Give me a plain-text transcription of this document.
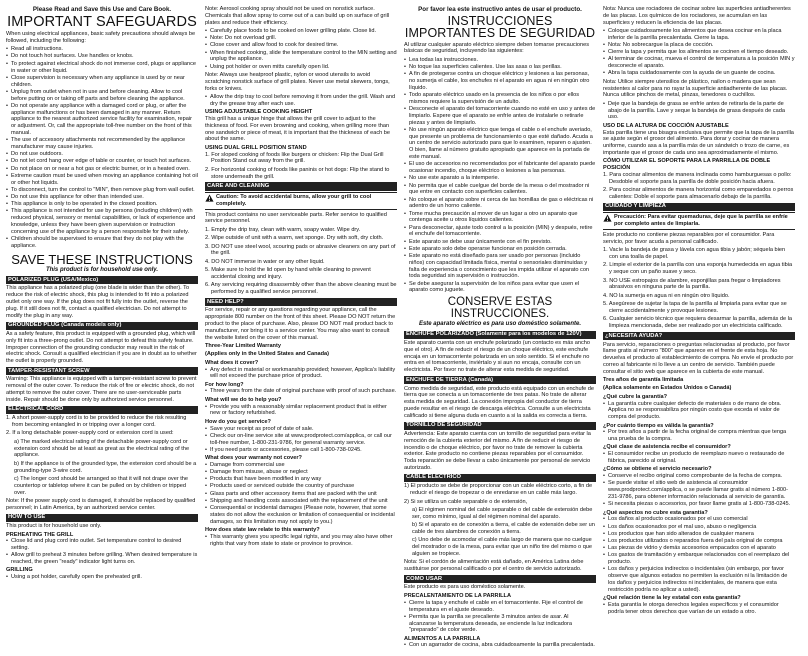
Please Read and Save this Use and Care Book.
IMPORTANT SAFEGUARDS

When using electrical appliances, basic safety precautions should always be followed, including the following:

• Read all instructions.
• Do not touch hot surfaces. Use handles or knobs.
• To protect against electrical shock do not immerse cord, plugs or appliance in water or other liquid.
• Close supervision is necessary when any appliance is used by or near children.
• Unplug from outlet when not in use and before cleaning. Allow to cool before putting on or taking off parts and before cleaning the appliance.
• Do not operate any appliance with a damaged cord or plug, or after the appliance malfunctions or has been damaged in any manner. Return appliance to the nearest authorized service facility for examination, repair or adjustment. Or, call the appropriate toll-free number on the front of this manual.
• The use of accessory attachments not recommended by the appliance manufacturer may cause injuries.
• Do not use outdoors.
• Do not let cord hang over edge of table or counter, or touch hot surfaces.
• Do not place on or near a hot gas or electric burner, or in a heated oven.
• Extreme caution must be used when moving an appliance containing hot oil or other hot liquids.
• To disconnect, turn the control to "MIN", then remove plug from wall outlet.
• Do not use this appliance for other than intended use.
• This appliance is only to be operated in the closed position.
• This appliance is not intended for use by persons (including children) with reduced physical, sensory or mental capabilities, or lack of experience and knowledge, unless they have been given supervision or instruction concerning use of the appliance by a person responsible for their safety.
• Children should be supervised to ensure that they do not play with the appliance.
SAVE THESE INSTRUCTIONS
This product is for household use only.
POLARIZED PLUG (USA/Mexico)

This appliance has a polarized plug (one blade is wider than the other). To reduce the risk of electric shock, this plug is intended to fit into a polarized outlet only one way. If the plug does not fit fully into the outlet, reverse the plug. If it still does not fit, contact a qualified electrician. Do not attempt to modify the plug in any way.

GROUNDED PLUG (Canada models only)

As a safety feature, this product is equipped with a grounded plug, which will only fit into a three-prong outlet. Do not attempt to defeat this safety feature. Improper connection of the grounding conductor may result in the risk of electric shock. Consult a qualified electrician if you are in doubt as to whether the outlet is properly grounded.

TAMPER-RESISTANT SCREW

Warning: This appliance is equipped with a tamper-resistant screw to prevent removal of the outer cover. To reduce the risk of fire or electric shock, do not attempt to remove the outer cover. There are no user-serviceable parts inside. Repair should be done only by authorized service personnel.

ELECTRICAL CORD

1. A short power-supply cord is to be provided to reduce the risk resulting from becoming entangled in or tripping over a longer cord.

2. If a long detachable power-supply cord or extension cord is used:

a) The marked electrical rating of the detachable power-supply cord or extension cord should be at least as great as the electrical rating of the appliance.

b) If the appliance is of the grounded type, the extension cord should be a grounding-type 3-wire cord.

c) The longer cord should be arranged so that it will not drape over the countertop or tabletop where it can be pulled on by children or tripped over.

Note: If the power supply cord is damaged, it should be replaced by qualified personnel; in Latin America, by an authorized service center.

HOW TO USE

This product is for household use only.

PREHEATING THE GRILL
• Close lid and plug cord into outlet. Set temperature control to desired setting.
• Allow grill to preheat 3 minutes before grilling. When desired temperature is reached, the green "ready" indicator light turns on.
GRILLING
• Using a pot holder, carefully open the preheated grill.

Note: Aerosol cooking spray should not be used on nonstick surface. Chemicals that allow spray to come out of a can build up on surface of grill plates and reduce their efficiency.

• Carefully place foods to be cooked on lower grilling plate. Close lid.
• Note: Do not overload grill.
• Close cover and allow food to cook for desired time.
• When finished cooking, slide the temperature control to the MIN setting and unplug the appliance.
• Using pot holder or oven mitts carefully open lid.

Note: Always use heatproof plastic, nylon or wood utensils to avoid scratching nonstick surface of grill plates. Never use metal skewers, tongs, forks or knives.

• Allow the drip tray to cool before removing it from under the grill. Wash and dry the grease tray after each use.
USING ADJUSTABLE COOKING HEIGHT

This grill has a unique hinge that allows the grill cover to adjust to the thickness of food. For even browning and cooking, when grilling more than one sandwich or piece of meat, it is important that the thickness of each be about the same.

USING DUAL GRILL POSITION STAND

1. For sloped cooking of foods like burgers or chicken: Flip the Dual Grill Position Stand out away from the grill.

2. For horizontal cooking of foods like paninis or hot dogs: Flip the stand to store underneath the grill.

CARE AND CLEANING
Caution: To avoid accidental burns, allow your grill to cool completely.

This product contains no user serviceable parts. Refer service to qualified service personnel.

1. Empty the drip tray, clean with warm, soapy water. Wipe dry.

2. Wipe outside of unit with a warm, wet sponge. Dry with soft, dry cloth.

3. DO NOT use steel wool, scouring pads or abrasive cleaners on any part of the grill.

4. DO NOT immerse in water or any other liquid.

5. Make sure to hold the lid open by hand while cleaning to prevent accidental closing and injury.

6. Any servicing requiring disassembly other than the above cleaning must be performed by a qualified service personnel.

NEED HELP?

For service, repair or any questions regarding your appliance, call the appropriate 800 number on the front of this sheet. Please DO NOT return the product to the place of purchase. Also, please DO NOT mail product back to manufacturer, nor bring it to a service center. You may also want to consult the website listed on the cover of this manual.

Three-Year Limited Warranty
(Applies only in the United States and Canada)
What does it cover?
• Any defect in material or workmanship provided; however, Applica's liability will not exceed the purchase price of product.
For how long?
• Three years from the date of original purchase with proof of such purchase.
What will we do to help you?
• Provide you with a reasonably similar replacement product that is either new or factory refurbished.
How do you get service?
• Save your receipt as proof of date of sale.
• Check our on-line service site at www.prodprotect.com/applica, or call our toll-free number, 1-800-231-9786, for general warranty service.
• If you need parts or accessories, please call 1-800-738-0245.
What does your warranty not cover?
• Damage from commercial use
• Damage from misuse, abuse or neglect
• Products that have been modified in any way
• Products used or serviced outside the country of purchase
• Glass parts and other accessory items that are packed with the unit
• Shipping and handling costs associated with the replacement of the unit
• Consequential or incidental damages (Please note, however, that some states do not allow the exclusion or limitation of consequential or incidental damages, so this limitation may not apply to you.)
How does state law relate to this warranty?
• This warranty gives you specific legal rights, and you may also have other rights that vary from state to state or province to province.
Por favor lea este instructivo antes de usar el producto.
INSTRUCCIONES IMPORTANTES DE SEGURIDAD

Al utilizar cualquier aparato eléctrico siempre deben tomarse precauciones básicas de seguridad, incluyendo las siguientes:

• Lea todas las instrucciones.
• No toque las superficies calientes. Use las asas o las perillas.
• A fin de protegerse contra un choque eléctrico y lesiones a las personas, no sumerja el cable, los enchufes ni el aparato en agua ni en ningún otro líquido.
• Todo aparato eléctrico usado en la presencia de los niños o por ellos mismos requiere la supervisión de un adulto.
• Desconecte el aparato del tomacorriente cuando no esté en uso y antes de limpiarlo. Espere que el aparato se enfríe antes de instalarle o retirarle piezas y antes de limpiarlo.
• No use ningún aparato eléctrico que tenga el cable o el enchufe averiado, que presente un problema de funcionamiento o que esté dañado. Acuda a un centro de servicio autorizado para que lo examinen, reparen o ajusten. O bien, llame al número gratuito apropiado que aparece en la portada de este manual.
• El uso de accesorios no recomendados por el fabricante del aparato puede ocasionar incendio, choque eléctrico o lesiones a las personas.
• No use este aparato a la intemperie.
• No permita que el cable cuelgue del borde de la mesa o del mostrador ni que entre en contacto con superficies calientes.
• No coloque el aparato sobre ni cerca de las hornillas de gas o eléctricas ni adentro de un horno caliente.
• Tome mucha precaución al mover de un lugar a otro un aparato que contenga aceite u otros líquidos calientes.
• Para desconectar, ajuste todo control a la posición (MIN) y después, retire el enchufe del tomacorriente.
• Este aparato se debe usar únicamente con el fin previsto.
• Este aparato solo debe operarse funcionar en posición cerrada.
• Este aparato no está diseñado para ser usado por personas (incluido niños) con capacidad limitada física, mental o sensoriales disminuidas y falta de experiencia o conocimiento que les impida utilizar el aparato con toda seguridad sin supervisión o instrucción.
• Se debe asegurar la supervisión de los niños para evitar que usen el aparato como juguete.
CONSERVE ESTAS INSTRUCCIONES.
Este aparato eléctrico es para uso doméstico solamente.
ENCHUFE POLARIZADO (Solamente para los modelos de 120V)

Este aparato cuenta con un enchufe polarizado (un contacto es más ancho que el otro). A fin de reducir el riesgo de un choque eléctrico, este enchufe encaja en un tomacorriente polarizada en un solo sentido. Si el enchufe no entra en el tomacorriente, inviértalo y si aun no encaja, consulte con un electricista. Por favor no trate de alterar esta medida de seguridad.

ENCHUFE DE TIERRA (Canadá)

Como medida de seguridad, este producto está equipado con un enchufe de tierra que se conecta a un tomacorriente de tres patas. No trate de alterar esta medida de seguridad. La conexión impropia del conductor de tierra puede resultar en el riesgo de descarga eléctrica. Consulte a un electricista calificado si tiene alguna duda en cuanto a si la salida es correcta a tierra.

TORNILLO DE SEGURIDAD

Advertencia: Este aparato cuenta con un tornillo de seguridad para evitar la remoción de la cubierta exterior del mismo. A fin de reducir el riesgo de incendio o de choque eléctrico, por favor no trate de remover la cubierta exterior. Este producto no contiene piezas reparables por el consumidor. Toda reparación se debe llevar a cabo únicamente por personal de servicio autorizado.

CABLE ELÉCTRICO

1) El producto se debe de proporcionar con un cable eléctrico corto, a fin de reducir el riesgo de tropezar o de enredarse en un cable más largo.

2) Si se utiliza un cable separable o de extensión,

a) El régimen nominal del cable separable o del cable de extensión debe ser, como mínimo, igual al del régimen nominal del aparato.

b) Si el aparato es de conexión a tierra, el cable de extensión debe ser un cable de tres alambres de conexión a tierra.

c) Uno debe de acomodar el cable más largo de manera que no cuelgue del mostrador o de la mesa, para evitar que un niño tire del mismo o que alguien se tropiece.

Nota: Si el cordón de alimentación está dañado, en América Latina debe sustituirse por personal calificado o por el centro de servicio autorizado.

COMO USAR

Este producto es para uso doméstico solamente.

PRECALENTAMIENTO DE LA PARRILLA
• Cierre la tapa y enchufe el cable en el tomacorriente. Fije el control de temperatura en el ajuste deseado.
• Permita que la parrilla se precaliente 3 minutos antes de asar. Al alcanzarse la temperatura deseada, se enciende la luz indicadora "preparado" de color verde.
ALIMENTOS A LA PARRILLA
• Con un agarrador de cocina, abra cuidadosamente la parrilla precalentada.

Nota: Nunca use rociadores de cocinar sobre las superficies antiadherentes de las placas. Los químicos de los rociadores, se acumulan en las superficies y reducen la eficiencia de las placas.

• Coloque cuidadosamente los alimentos que desea cocinar en la placa inferior de la parrilla precalentada. Cierre la tapa.
• Nota: No sobrecargue la placa de cocción.
• Cierre la tapa y permita que los alimentos se cocinen el tiempo deseado.
• Al terminar de cocinar, mueva el control de temperatura a la posición MIN y desconecte el aparato.
• Abra la tapa cuidadosamente con la ayuda de un guante de cocina.

Nota: Utilice siempre utensilios de plástico, nailon o madera que sean resistentes al calor para no rayar la superficie antiadherente de las placas. Nunca utilice pinchos de metal, pinzas, tenedores o cuchillos.

• Deje que la bandeja de grasa se enfríe antes de retirarla de la parte de abajo de la parrilla. Lave y seque la bandeja de grasa después de cada uso.
USO DE LA ALTURA DE COCCIÓN AJUSTABLE

Esta parrilla tiene una bisagra exclusiva que permite que la tapa de la parrilla se ajuste según el grosor del alimento. Para dorar y cocinar de manera uniforme, cuando asa a la parrilla más de un sándwich o trozo de carne, es importante que el grosor de cada uno sea aproximadamente el mismo.

CÓMO UTILIZAR EL SOPORTE PARA LA PARRILLA DE DOBLE POSICIÓN

1. Para cocinar alimentos de manera inclinada como hamburguesas o pollo: Desdoble el soporte para la parrilla de doble posición hacia afuera.

2. Para cocinar alimentos de manera horizontal como emparedados o perros calientes: Doble el soporte para almacenarlo debajo de la parrilla.

CUIDADO Y LIMPIEZA
Precaución: Para evitar quemaduras, deje que la parrilla se enfríe por completo antes de limpiarla.

Este producto no contiene piezas reparables por el consumidor. Para servicio, por favor acuda a personal calificado.

1. Vacíe la bandeja de grasa y lávela con agua tibia y jabón; séquela bien con una toalla de papel.

2. Limpie el exterior de la parrilla con una esponja humedecida en agua tibia y seque con un paño suave y seco.

3. NO USE estropajos de alambre, esponjillas para fregar o limpiadores abrasivos en ninguna parte de la parrilla.

4. NO la sumerja en agua ni en ningún otro líquido.

5. Asegúrese de sujetar la tapa de la parrilla al limpiarla para evitar que se cierre accidentalmente y provoque lesiones.

6. Cualquier servicio técnico que requiera desarmar la parrilla, además de la limpieza mencionada, debe ser realizado por un electricista calificado.

¿NECESITA AYUDA?

Para servicio, reparaciones o preguntas relacionadas al producto, por favor llame gratis al número "800" que aparece en el frente de esta hoja. No devuelva el producto al establecimiento de compra. No envíe el producto por correo al fabricante ni lo lleve a un centro de servicio. También puede consultar el sitio web que aparece en la cubierta de este manual.

Tres años de garantía limitada
(Aplica solamente en Estados Unidos o Canadá)
¿Qué cubre la garantía?
• La garantía cubre cualquier defecto de materiales o de mano de obra. Applica no se responsabiliza por ningún costo que exceda el valor de compra del producto.
¿Por cuánto tiempo es válida la garantía?
• Por tres años a partir de la fecha original de compra mientras que tenga una prueba de la compra.
¿Qué clase de asistencia recibe el consumidor?
• El consumidor recibe un producto de reemplazo nuevo o restaurado de fábrica, parecido al original.
¿Cómo se obtiene el servicio necesario?
• Conserve el recibo original como comprobante de la fecha de compra.
• Se puede visitar el sitio web de asistencia al consumidor www.prodprotect.com/applica, o se puede llamar gratis al número 1-800-231-9786, para obtener información relacionada al servicio de garantía.
• Si necesita piezas o accesorios, por favor llame gratis al 1-800-738-0245.
¿Qué aspectos no cubre esta garantía?
• Los daños al producto ocasionados por el uso comercial
• Los daños ocasionados por el mal uso, abuso o negligencia
• Los productos que han sido alterados de cualquier manera
• Los productos utilizados o reparados fuera del país original de compra
• Las piezas de vidrio y demás accesorios empacados con el aparato
• Los gastos de tramitación y embarque relacionados con el reemplazo del producto.
• Los daños y perjuicios indirectos o incidentales (sin embargo, por favor observe que algunos estados no permiten la exclusión ni la limitación de los daños y perjuicios indirectos ni incidentales, de manera que esta restricción podría no aplicar a usted).
¿Qué relación tiene la ley estatal con esta garantía?
• Esta garantía le otorga derechos legales específicos y el consumidor podría tener otros derechos que varían de un estado a otro.
